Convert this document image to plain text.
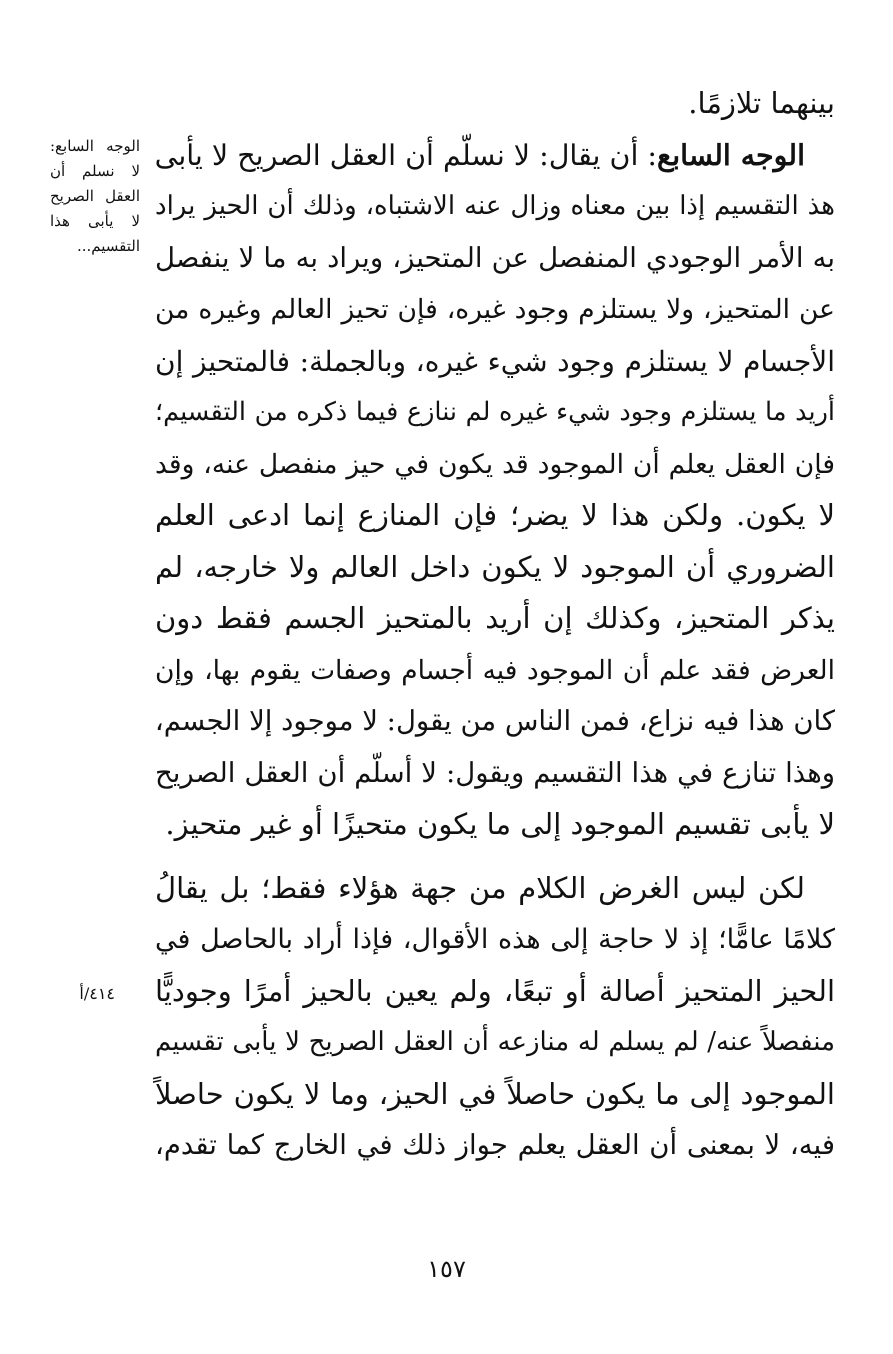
بينهما تلازمًا.
الوجه السابع: أن يقال: لا نسلّم أن العقل الصريح لا يأبى
هذ التقسيم إذا بين معناه وزال عنه الاشتباه، وذلك أن الحيز يراد
به الأمر الوجودي المنفصل عن المتحيز، ويراد به ما لا ينفصل
عن المتحيز، ولا يستلزم وجود غيره، فإن تحيز العالم وغيره من
الأجسام لا يستلزم وجود شيء غيره، وبالجملة: فالمتحيز إن
أريد ما يستلزم وجود شيء غيره لم ننازع فيما ذكره من التقسيم؛
فإن العقل يعلم أن الموجود قد يكون في حيز منفصل عنه، وقد
لا يكون. ولكن هذا لا يضر؛ فإن المنازع إنما ادعى العلم
الضروري أن الموجود لا يكون داخل العالم ولا خارجه، لم
يذكر المتحيز، وكذلك إن أريد بالمتحيز الجسم فقط دون
العرض فقد علم أن الموجود فيه أجسام وصفات يقوم بها، وإن
كان هذا فيه نزاع، فمن الناس من يقول: لا موجود إلا الجسم،
وهذا تنازع في هذا التقسيم ويقول: لا أسلّم أن العقل الصريح
لا يأبى تقسيم الموجود إلى ما يكون متحيزًا أو غير متحيز.
لكن ليس الغرض الكلام من جهة هؤلاء فقط؛ بل يقالُ
كلامًا عامًّا؛ إذ لا حاجة إلى هذه الأقوال، فإذا أراد بالحاصل في
الحيز المتحيز أصالة أو تبعًا، ولم يعين بالحيز أمرًا وجوديًّا
منفصلاً عنه/ لم يسلم له منازعه أن العقل الصريح لا يأبى تقسيم
الموجود إلى ما يكون حاصلاً في الحيز، وما لا يكون حاصلاً
فيه، لا بمعنى أن العقل يعلم جواز ذلك في الخارج كما تقدم،
الوجه السابع:
لا نسلم أن
العقل الصريح
لا يأبى هذا
التقسيم...
٤١٤/أ
١٥٧
